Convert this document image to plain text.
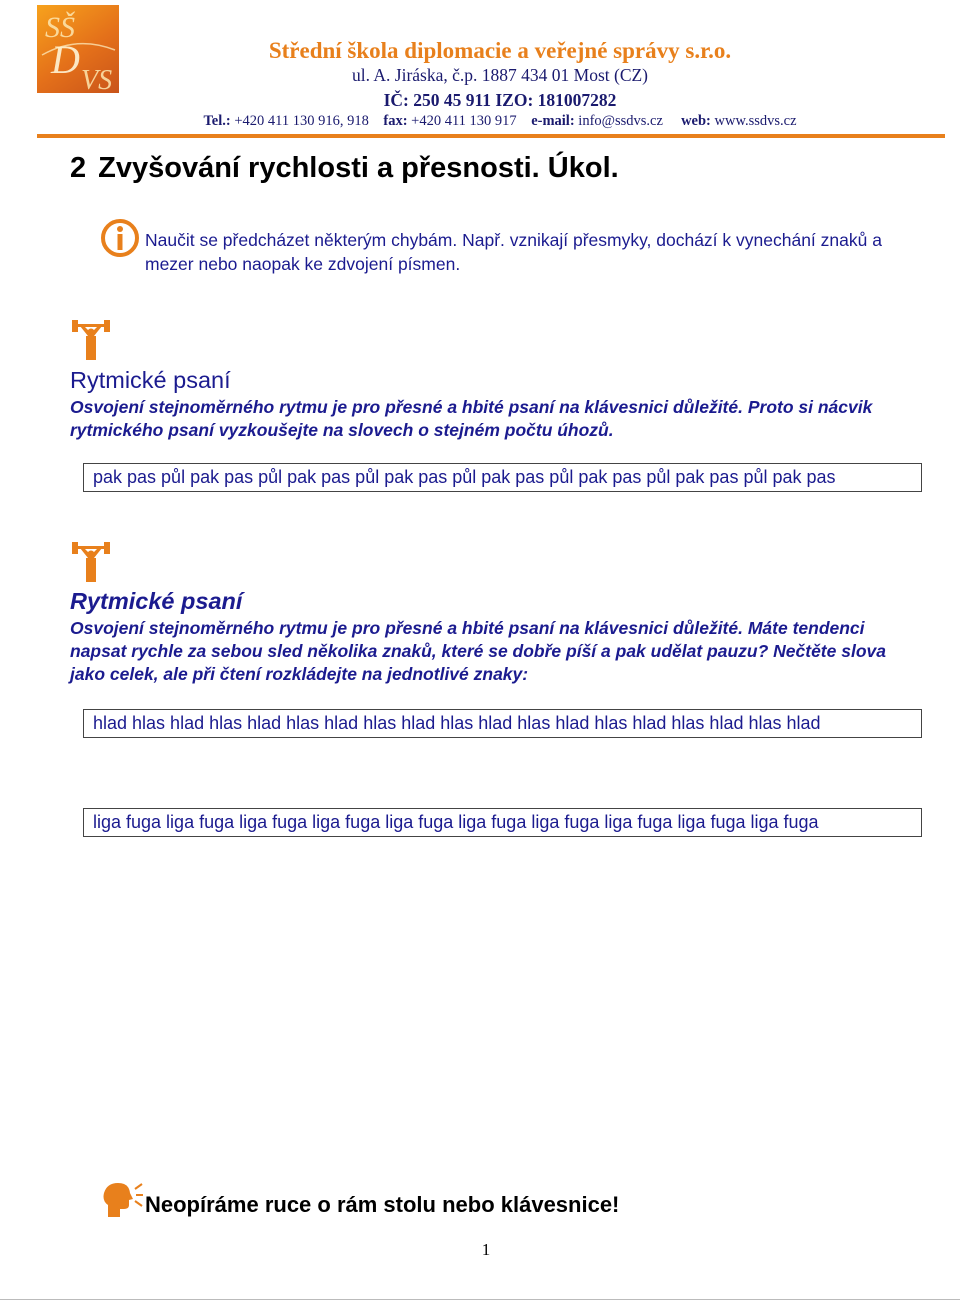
SŠ
D VS
Střední škola diplomacie a veřejné správy s.r.o.
ul. A. Jiráska, č.p. 1887 434 01 Most (CZ)
IČ: 250 45 911 IZO: 181007282
Tel.: +420 411 130 916, 918 fax: +420 411 130 917 e-mail: info@ssdvs.cz web: www.ssdvs.cz
2 Zvyšování rychlosti a přesnosti. Úkol.
Naučit se předcházet některým chybám. Např. vznikají přesmyky, dochází k vynechání znaků a mezer nebo naopak ke zdvojení písmen.
Rytmické psaní
Osvojení stejnoměrného rytmu je pro přesné a hbité psaní na klávesnici důležité. Proto si nácvik rytmického psaní vyzkoušejte na slovech o stejném počtu úhozů.
pak pas půl pak pas půl pak pas půl pak pas půl pak pas půl pak pas půl pak pas půl pak pas
Rytmické psaní
Osvojení stejnoměrného rytmu je pro přesné a hbité psaní na klávesnici důležité. Máte tendenci napsat rychle za sebou sled několika znaků, které se dobře píší a pak udělat pauzu? Nečtěte slova jako celek, ale při čtení rozkládejte na jednotlivé znaky:
hlad hlas hlad hlas hlad hlas hlad hlas hlad hlas hlad hlas hlad hlas hlad hlas hlad hlas hlad
liga fuga liga fuga liga fuga liga fuga liga fuga liga fuga liga fuga liga fuga liga fuga liga fuga
Neopíráme ruce o rám stolu nebo klávesnice!
1
